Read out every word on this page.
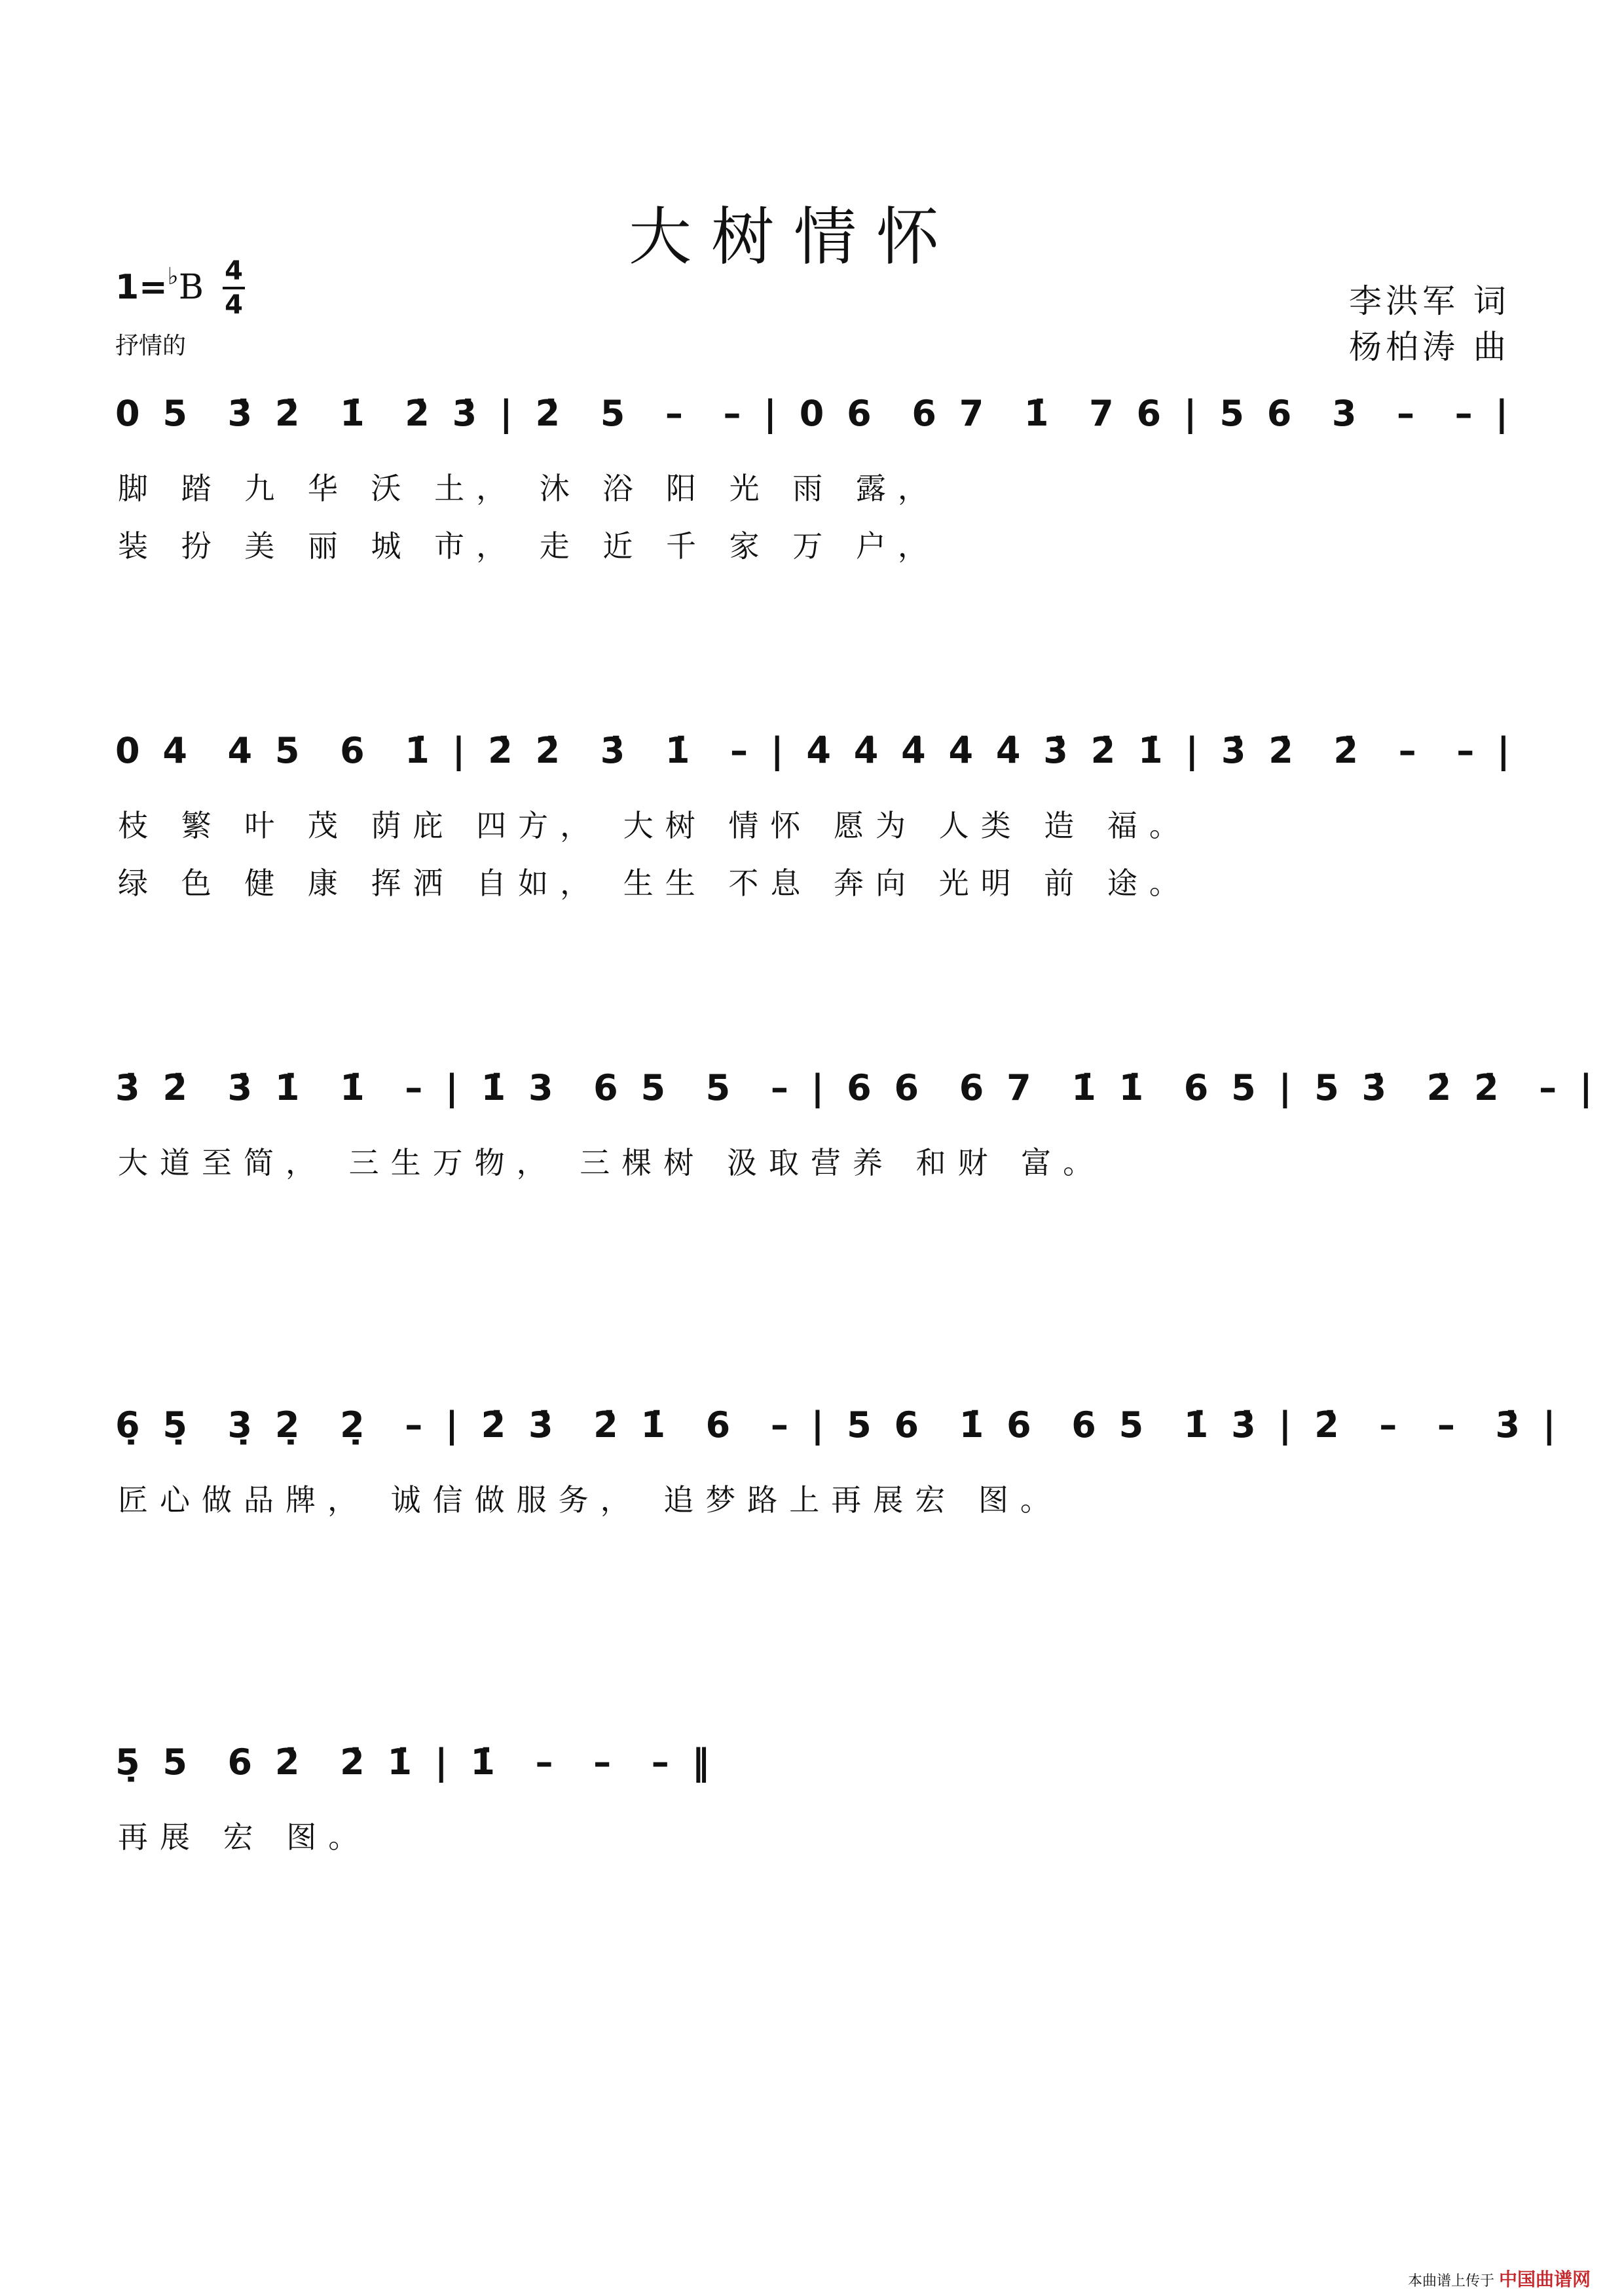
大树情怀
1=♭B 4
4
抒情的
李洪军 词
杨柏涛 曲
0 5  3̇ 2̇  1̇  2̇ 3̇ | 2̇  5  –  – | 0 6  6 7  1̇  7 6 | 5 6  3  –  – |
脚 踏 九 华 沃 土， 沐 浴 阳 光 雨 露，
装 扮 美 丽 城 市， 走 近 千 家 万 户，
0 4  4 5  6  1̇ | 2̇ 2̇  3̇  1̇  – | 4̇ 4̇ 4̇ 4̇ 4̇ 3̇ 2̇ 1̇ | 3̇ 2̇  2̇  –  – |
枝 繁 叶 茂 荫庇 四方， 大树 情怀 愿为 人类 造 福。
绿 色 健 康 挥洒 自如， 生生 不息 奔向 光明 前 途。
3̇ 2̇  3̇ 1̇  1̇  – | 1̇ 3  6 5  5  – | 6 6  6 7  1̇ 1̇  6 5 | 5 3̇  2̇ 2̇  – |
大道至简， 三生万物， 三棵树 汲取营养 和财 富。
6̣ 5̣  3̣ 2̣  2̣  – | 2̇ 3̇  2̇ 1̇  6  – | 5 6  1̇ 6  6 5  1̇ 3̇ | 2̇  –  –  3̇ |
匠心做品牌， 诚信做服务， 追梦路上再展宏 图。
5̣ 5  6 2̇  2̇ 1̇ | 1̇  –  –  – ‖
再展 宏 图。
本曲谱上传于 中国曲谱网
